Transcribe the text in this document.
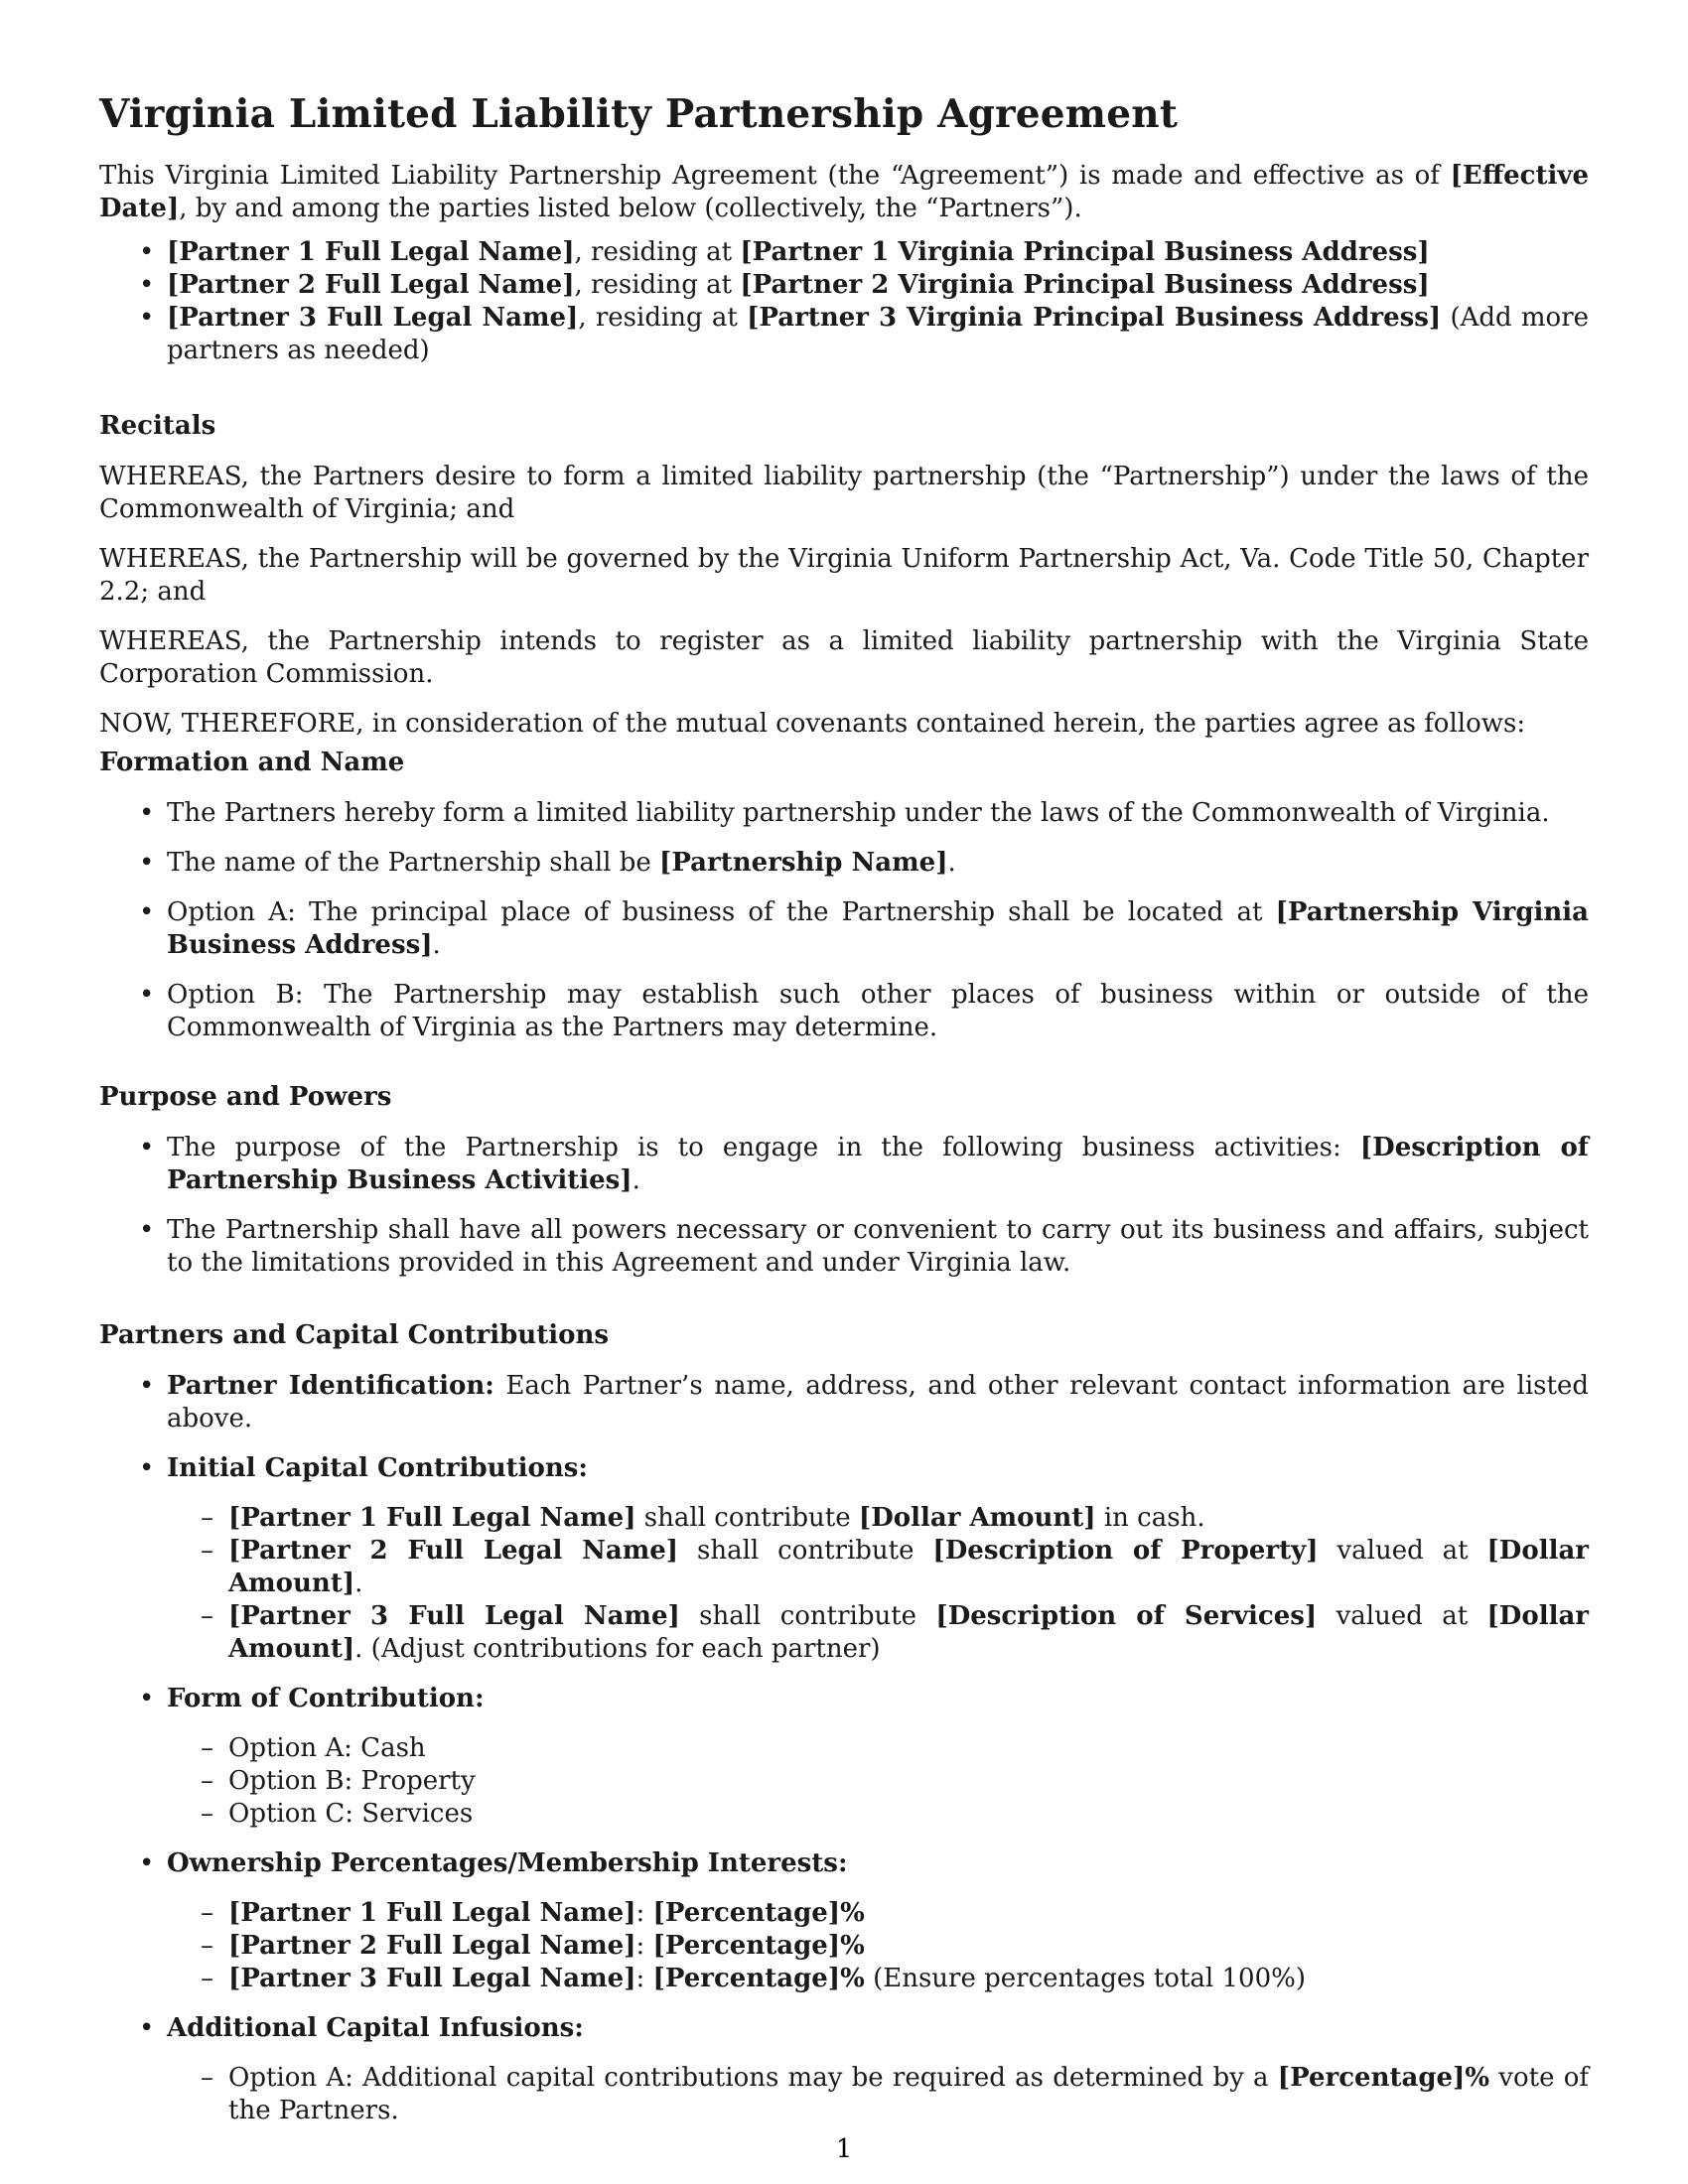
Virginia Limited Liability Partnership Agreement

This Virginia Limited Liability Partnership Agreement (the “Agreement”) is made and effective as of [Effective Date], by and among the parties listed below (collectively, the “Partners”).

• [Partner 1 Full Legal Name], residing at [Partner 1 Virginia Principal Business Address]
• [Partner 2 Full Legal Name], residing at [Partner 2 Virginia Principal Business Address]
• [Partner 3 Full Legal Name], residing at [Partner 3 Virginia Principal Business Address] (Add more partners as needed)
Recitals

WHEREAS, the Partners desire to form a limited liability partnership (the “Partnership”) under the laws of the Commonwealth of Virginia; and

WHEREAS, the Partnership will be governed by the Virginia Uniform Partnership Act, Va. Code Title 50, Chapter 2.2; and

WHEREAS, the Partnership intends to register as a limited liability partnership with the Virginia State Corporation Commission.

NOW, THEREFORE, in consideration of the mutual covenants contained herein, the parties agree as follows:

Formation and Name
• The Partners hereby form a limited liability partnership under the laws of the Commonwealth of Virginia.
• The name of the Partnership shall be [Partnership Name].
• Option A: The principal place of business of the Partnership shall be located at [Partnership Virginia Business Address].
• Option B: The Partnership may establish such other places of business within or outside of the Commonwealth of Virginia as the Partners may determine.
Purpose and Powers
• The purpose of the Partnership is to engage in the following business activities: [Description of Partnership Business Activities].
• The Partnership shall have all powers necessary or convenient to carry out its business and affairs, subject to the limitations provided in this Agreement and under Virginia law.
Partners and Capital Contributions
• Partner Identification: Each Partner’s name, address, and other relevant contact information are listed above.
• Initial Capital Contributions:
– [Partner 1 Full Legal Name] shall contribute [Dollar Amount] in cash.
– [Partner 2 Full Legal Name] shall contribute [Description of Property] valued at [Dollar Amount].
– [Partner 3 Full Legal Name] shall contribute [Description of Services] valued at [Dollar Amount]. (Adjust contributions for each partner)
• Form of Contribution:
– Option A: Cash
– Option B: Property
– Option C: Services
• Ownership Percentages/Membership Interests:
– [Partner 1 Full Legal Name]: [Percentage]%
– [Partner 2 Full Legal Name]: [Percentage]%
– [Partner 3 Full Legal Name]: [Percentage]% (Ensure percentages total 100%)
• Additional Capital Infusions:
– Option A: Additional capital contributions may be required as determined by a [Percentage]% vote of the Partners.
1
